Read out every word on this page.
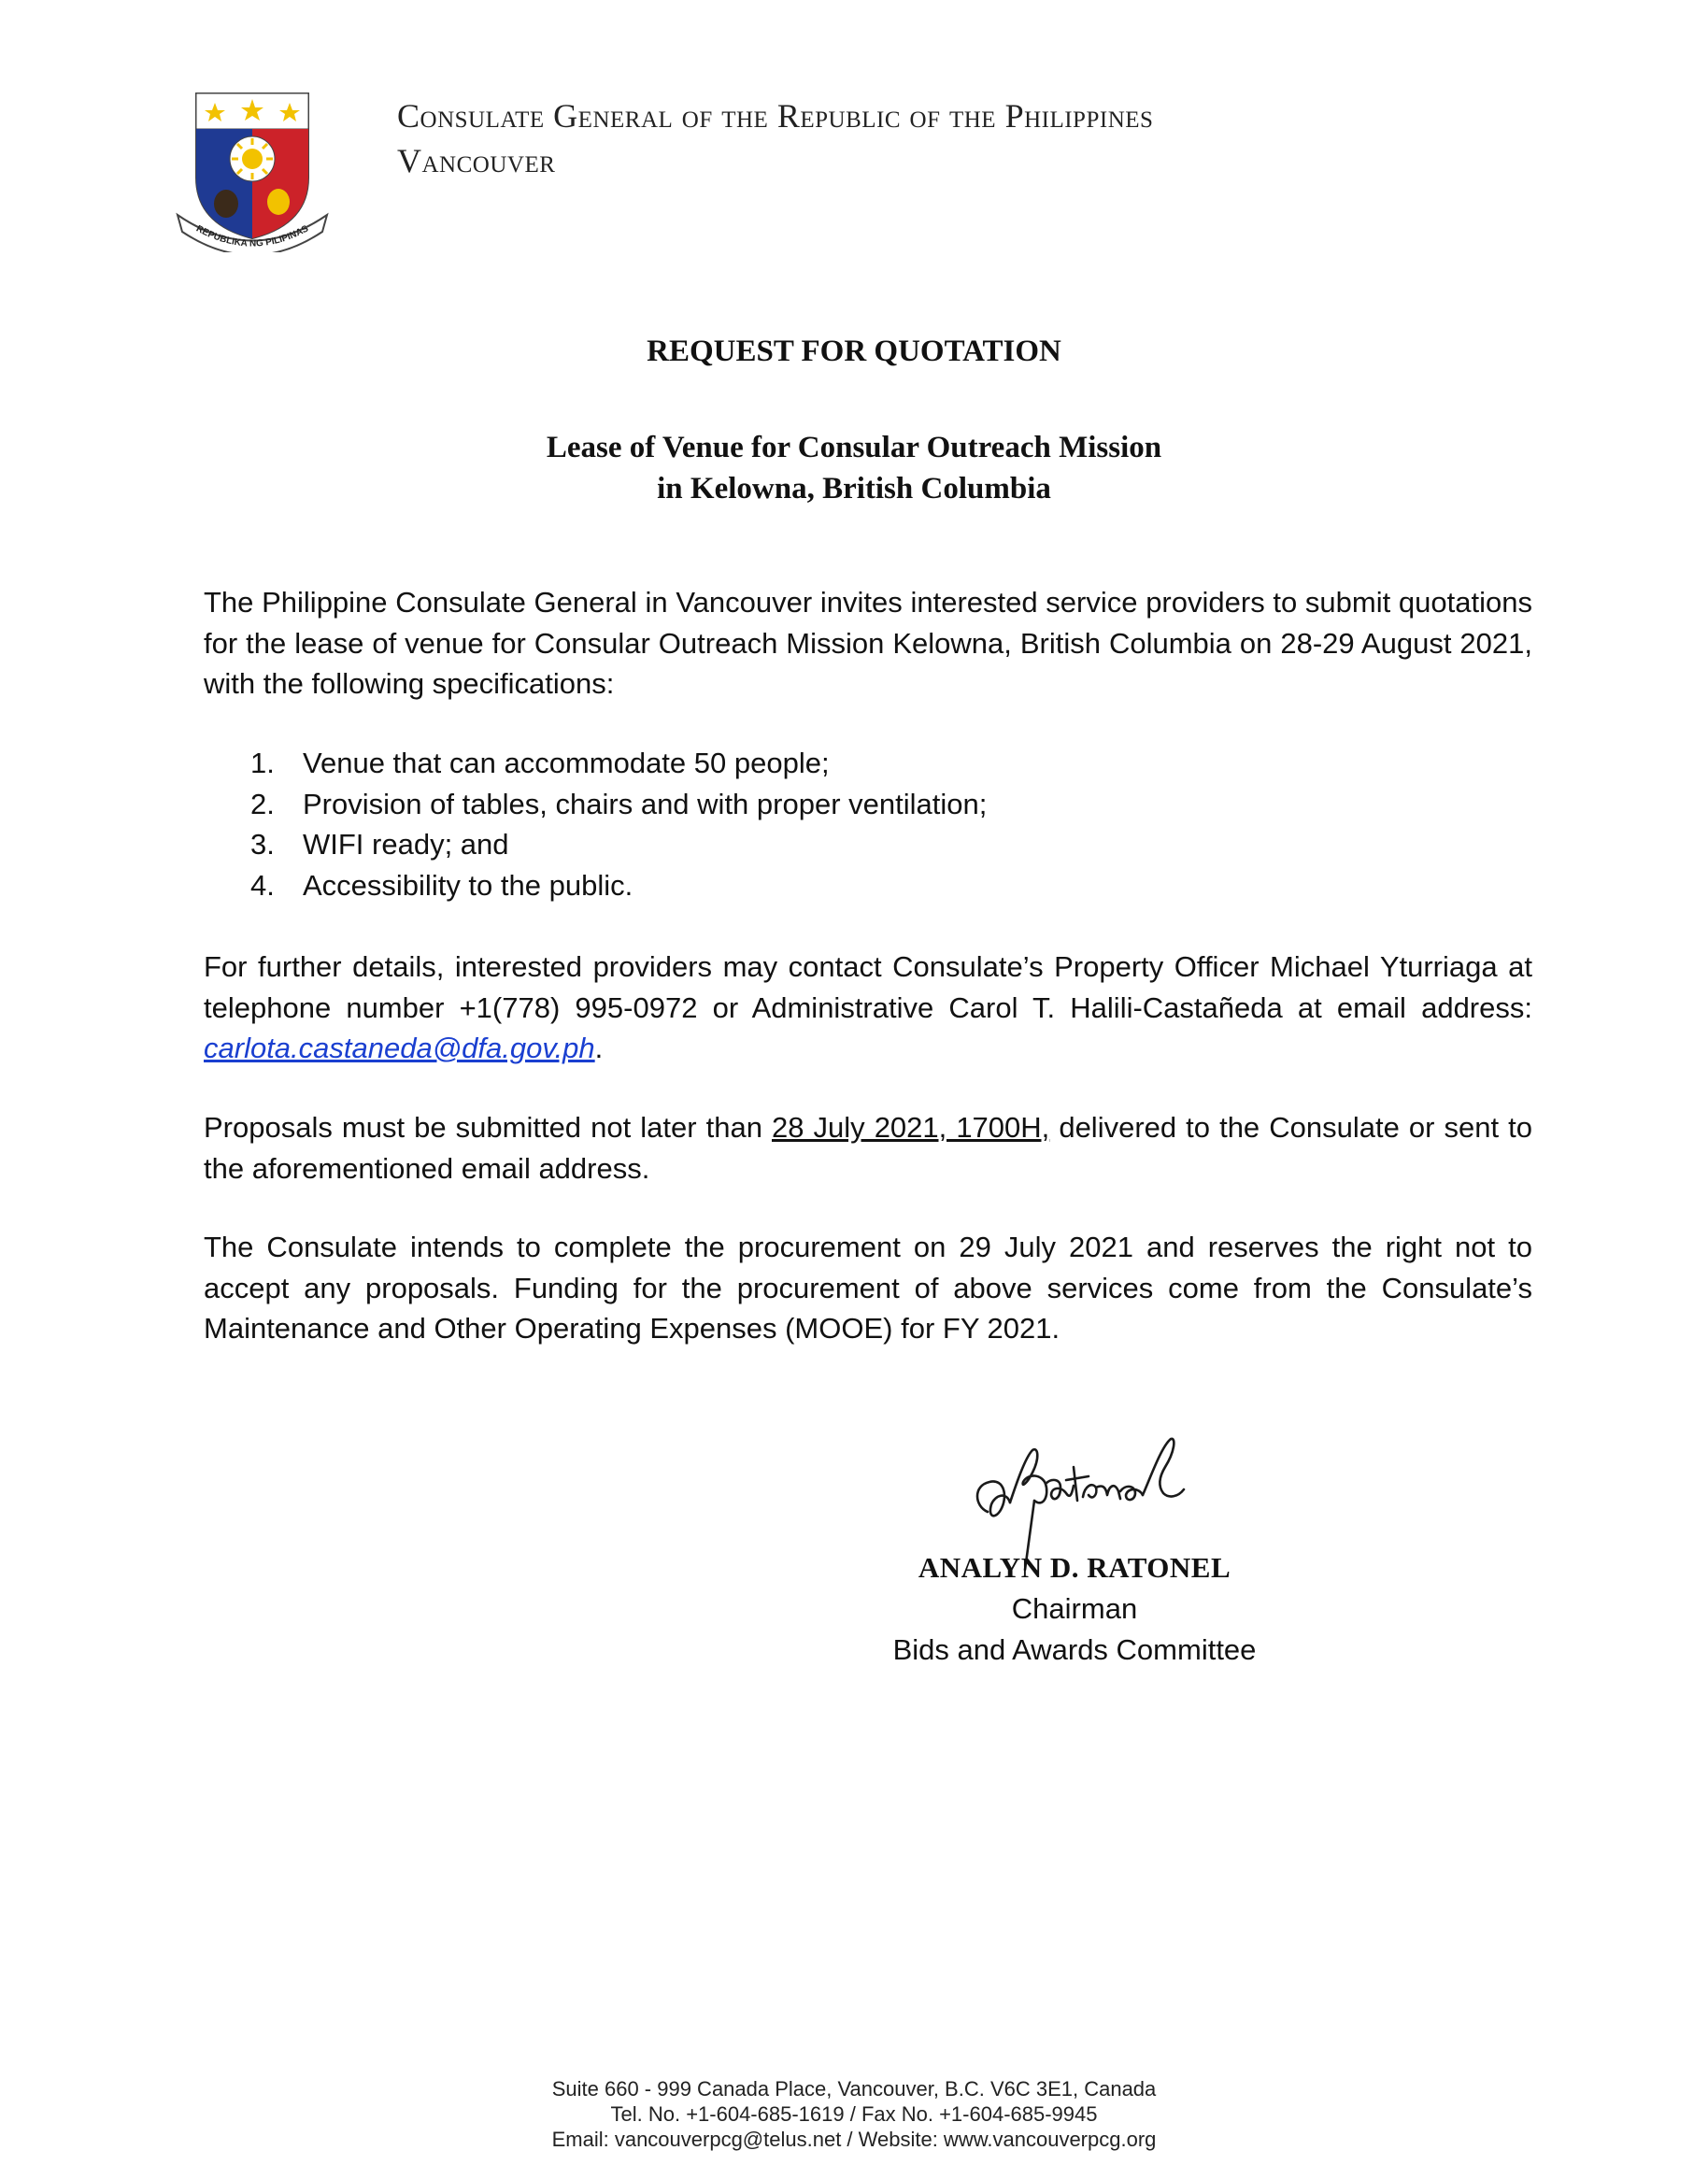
REPUBLIKA NG PILIPINAS
Consulate General of the Republic of the Philippines
Vancouver
REQUEST FOR QUOTATION
Lease of Venue for Consular Outreach Mission
in Kelowna, British Columbia
The Philippine Consulate General in Vancouver invites interested service providers to submit quotations for the lease of venue for Consular Outreach Mission Kelowna, British Columbia on 28-29 August 2021, with the following specifications:
1. Venue that can accommodate 50 people;
2. Provision of tables, chairs and with proper ventilation;
3. WIFI ready; and
4. Accessibility to the public.
For further details, interested providers may contact Consulate’s Property Officer Michael Yturriaga at telephone number +1(778) 995-0972 or Administrative Carol T. Halili-Castañeda at email address: carlota.castaneda@dfa.gov.ph.
Proposals must be submitted not later than 28 July 2021, 1700H, delivered to the Consulate or sent to the aforementioned email address.
The Consulate intends to complete the procurement on 29 July 2021 and reserves the right not to accept any proposals. Funding for the procurement of above services come from the Consulate’s Maintenance and Other Operating Expenses (MOOE) for FY 2021.
ANALYN D. RATONEL
Chairman
Bids and Awards Committee
Suite 660 - 999 Canada Place, Vancouver, B.C. V6C 3E1, Canada
Tel. No. +1-604-685-1619 / Fax No. +1-604-685-9945
Email: vancouverpcg@telus.net / Website: www.vancouverpcg.org
